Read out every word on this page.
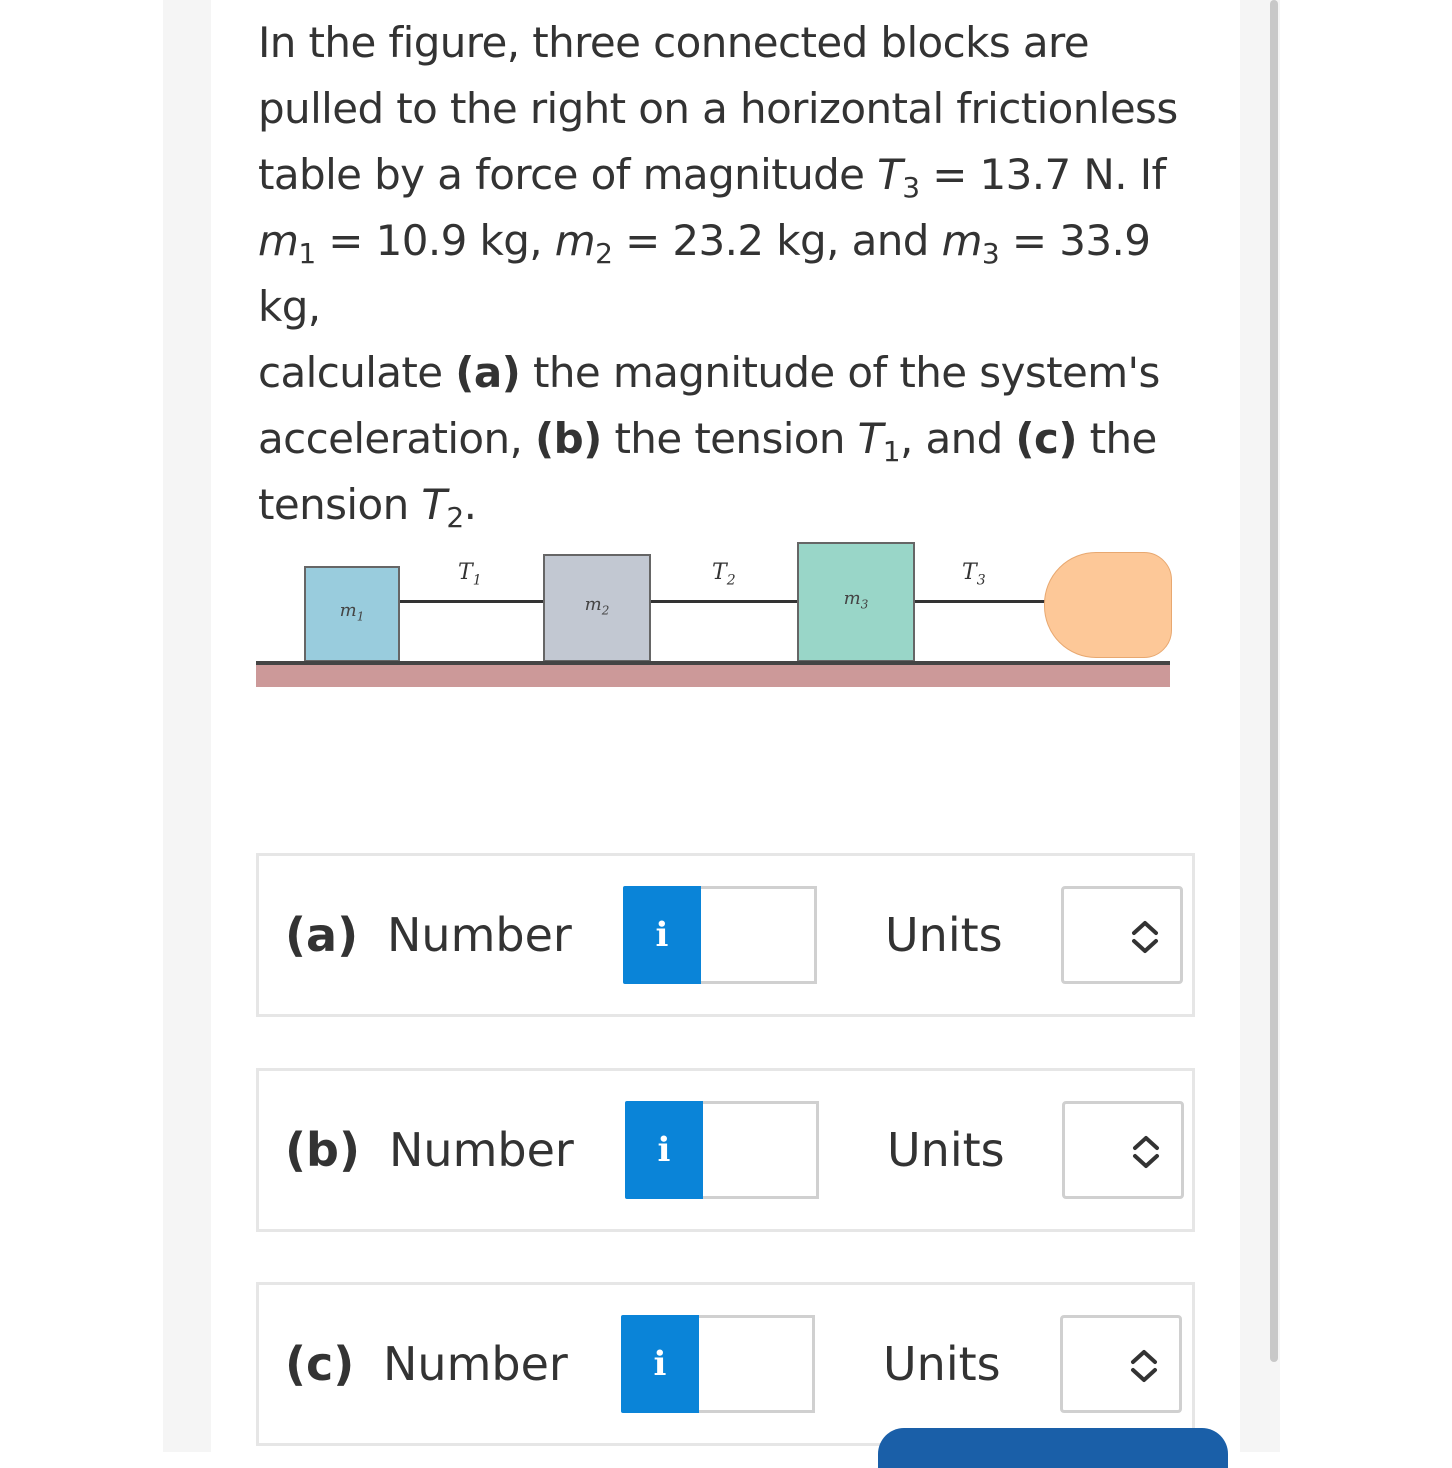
In the figure, three connected blocks are pulled to the right on a horizontal frictionless table by a force of magnitude $T_3 = 13.7$ N. If
$m_1 = 10.9$ kg, $m_2 = 23.2$ kg, and $m_3 = 33.9$ kg,
calculate (a) the magnitude of the system's acceleration, (b) the tension $T_1$, and (c) the tension $T_2$.
$m_1$
$m_2$
$m_3$
$T_1$	$T_2$	$T_3$
(a) Number	i	Units
(b) Number	i	Units
(c) Number	i	Units
